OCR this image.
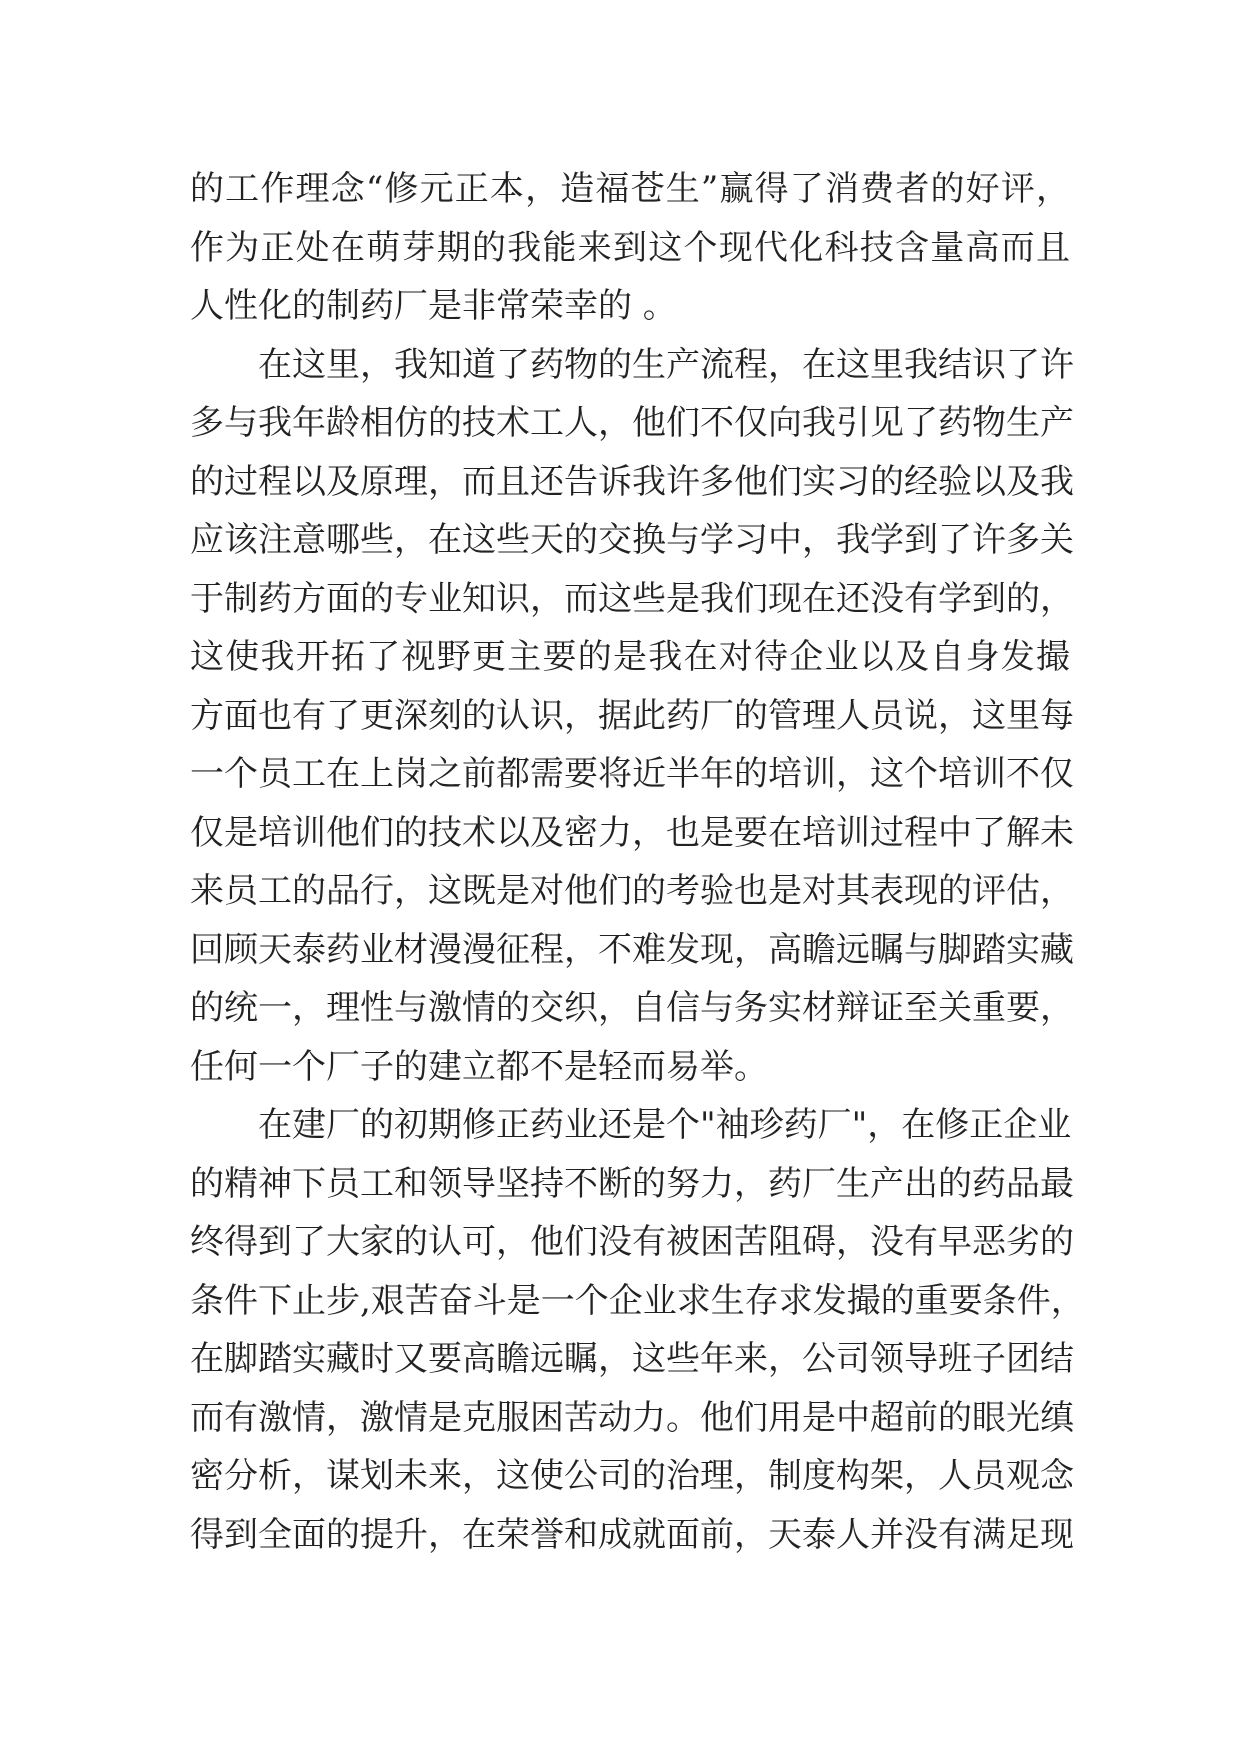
的工作理念“修元正本，造福苍生”赢得了消费者的好评，
作为正处在萌芽期的我能来到这个现代化科技含量高而且
人性化的制药厂是非常荣幸的 。
在这里，我知道了药物的生产流程，在这里我结识了许
多与我年龄相仿的技术工人，他们不仅向我引见了药物生产
的过程以及原理，而且还告诉我许多他们实习的经验以及我
应该注意哪些，在这些天的交换与学习中，我学到了许多关
于制药方面的专业知识，而这些是我们现在还没有学到的，
这使我开拓了视野更主要的是我在对待企业以及自身发撮
方面也有了更深刻的认识，据此药厂的管理人员说，这里每
一个员工在上岗之前都需要将近半年的培训，这个培训不仅
仅是培训他们的技术以及密力，也是要在培训过程中了解未
来员工的品行，这既是对他们的考验也是对其表现的评估，
回顾天泰药业材漫漫征程，不难发现，高瞻远瞩与脚踏实藏
的统一，理性与激情的交织，自信与务实材辩证至关重要，
任何一个厂子的建立都不是轻而易举。
在建厂的初期修正药业还是个"袖珍药厂"，在修正企业
的精神下员工和领导坚持不断的努力，药厂生产出的药品最
终得到了大家的认可，他们没有被困苦阻碍，没有早恶劣的
条件下止步,艰苦奋斗是一个企业求生存求发撮的重要条件，
在脚踏实藏时又要高瞻远瞩，这些年来，公司领导班子团结
而有激情，激情是克服困苦动力。他们用是中超前的眼光缜
密分析，谋划未来，这使公司的治理，制度构架，人员观念
得到全面的提升，在荣誉和成就面前，天泰人并没有满足现
